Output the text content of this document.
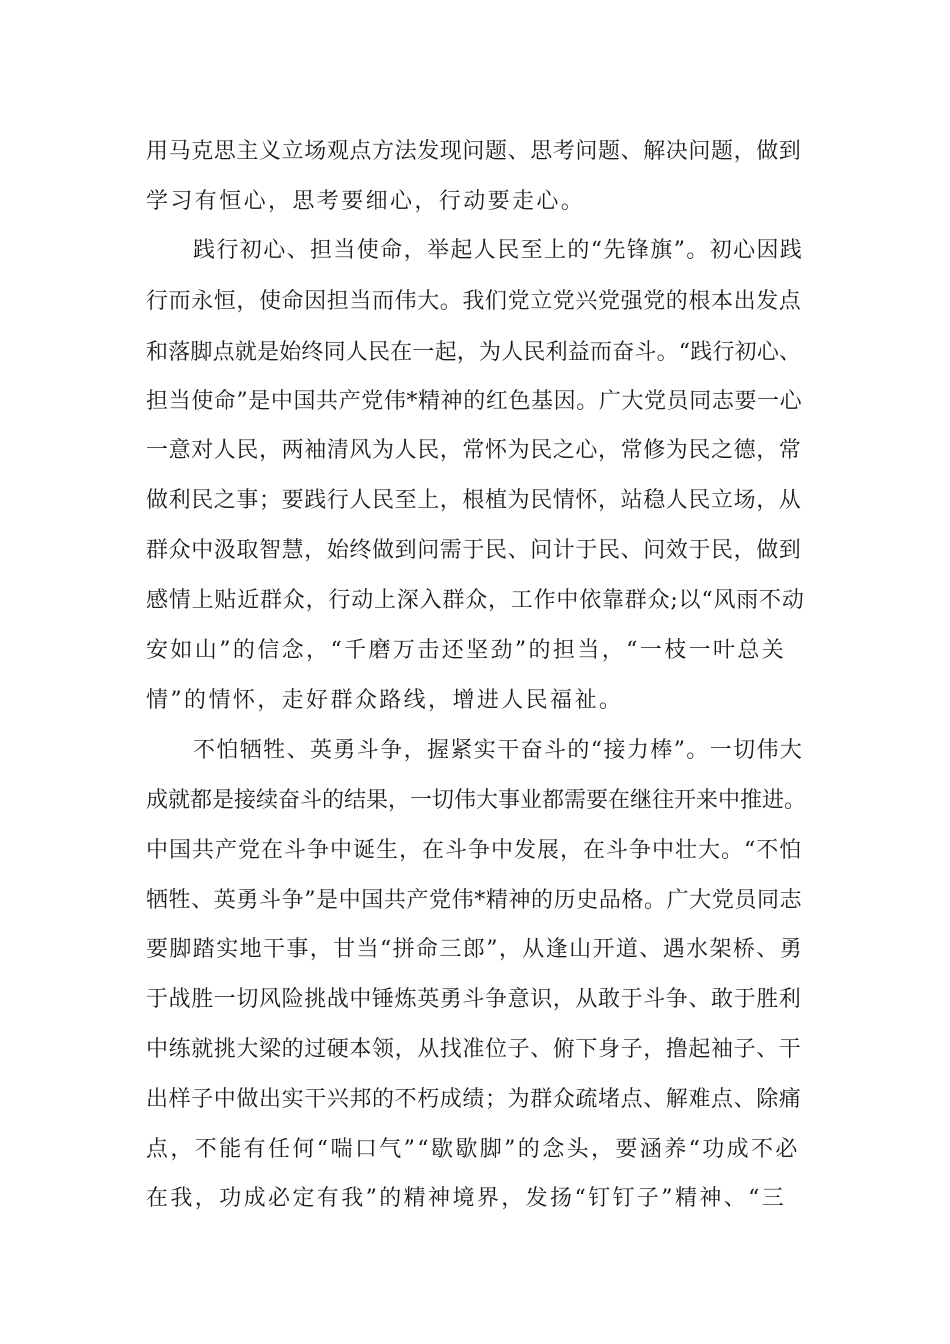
用马克思主义立场观点方法发现问题、思考问题、解决问题，做到
学习有恒心，思考要细心，行动要走心。
践行初心、担当使命，举起人民至上的“先锋旗”。初心因践
行而永恒，使命因担当而伟大。我们党立党兴党强党的根本出发点
和落脚点就是始终同人民在一起，为人民利益而奋斗。“践行初心、
担当使命”是中国共产党伟*精神的红色基因。广大党员同志要一心
一意对人民，两袖清风为人民，常怀为民之心，常修为民之德，常
做利民之事；要践行人民至上，根植为民情怀，站稳人民立场，从
群众中汲取智慧，始终做到问需于民、问计于民、问效于民，做到
感情上贴近群众，行动上深入群众，工作中依靠群众;以“风雨不动
安如山”的信念，“千磨万击还坚劲”的担当，“一枝一叶总关
情”的情怀，走好群众路线，增进人民福祉。
不怕牺牲、英勇斗争，握紧实干奋斗的“接力棒”。一切伟大
成就都是接续奋斗的结果，一切伟大事业都需要在继往开来中推进。
中国共产党在斗争中诞生，在斗争中发展，在斗争中壮大。“不怕
牺牲、英勇斗争”是中国共产党伟*精神的历史品格。广大党员同志
要脚踏实地干事，甘当“拼命三郎”，从逢山开道、遇水架桥、勇
于战胜一切风险挑战中锤炼英勇斗争意识，从敢于斗争、敢于胜利
中练就挑大梁的过硬本领，从找准位子、俯下身子，撸起袖子、干
出样子中做出实干兴邦的不朽成绩；为群众疏堵点、解难点、除痛
点，不能有任何“喘口气”“歇歇脚”的念头，要涵养“功成不必
在我，功成必定有我”的精神境界，发扬“钉钉子”精神、“三
